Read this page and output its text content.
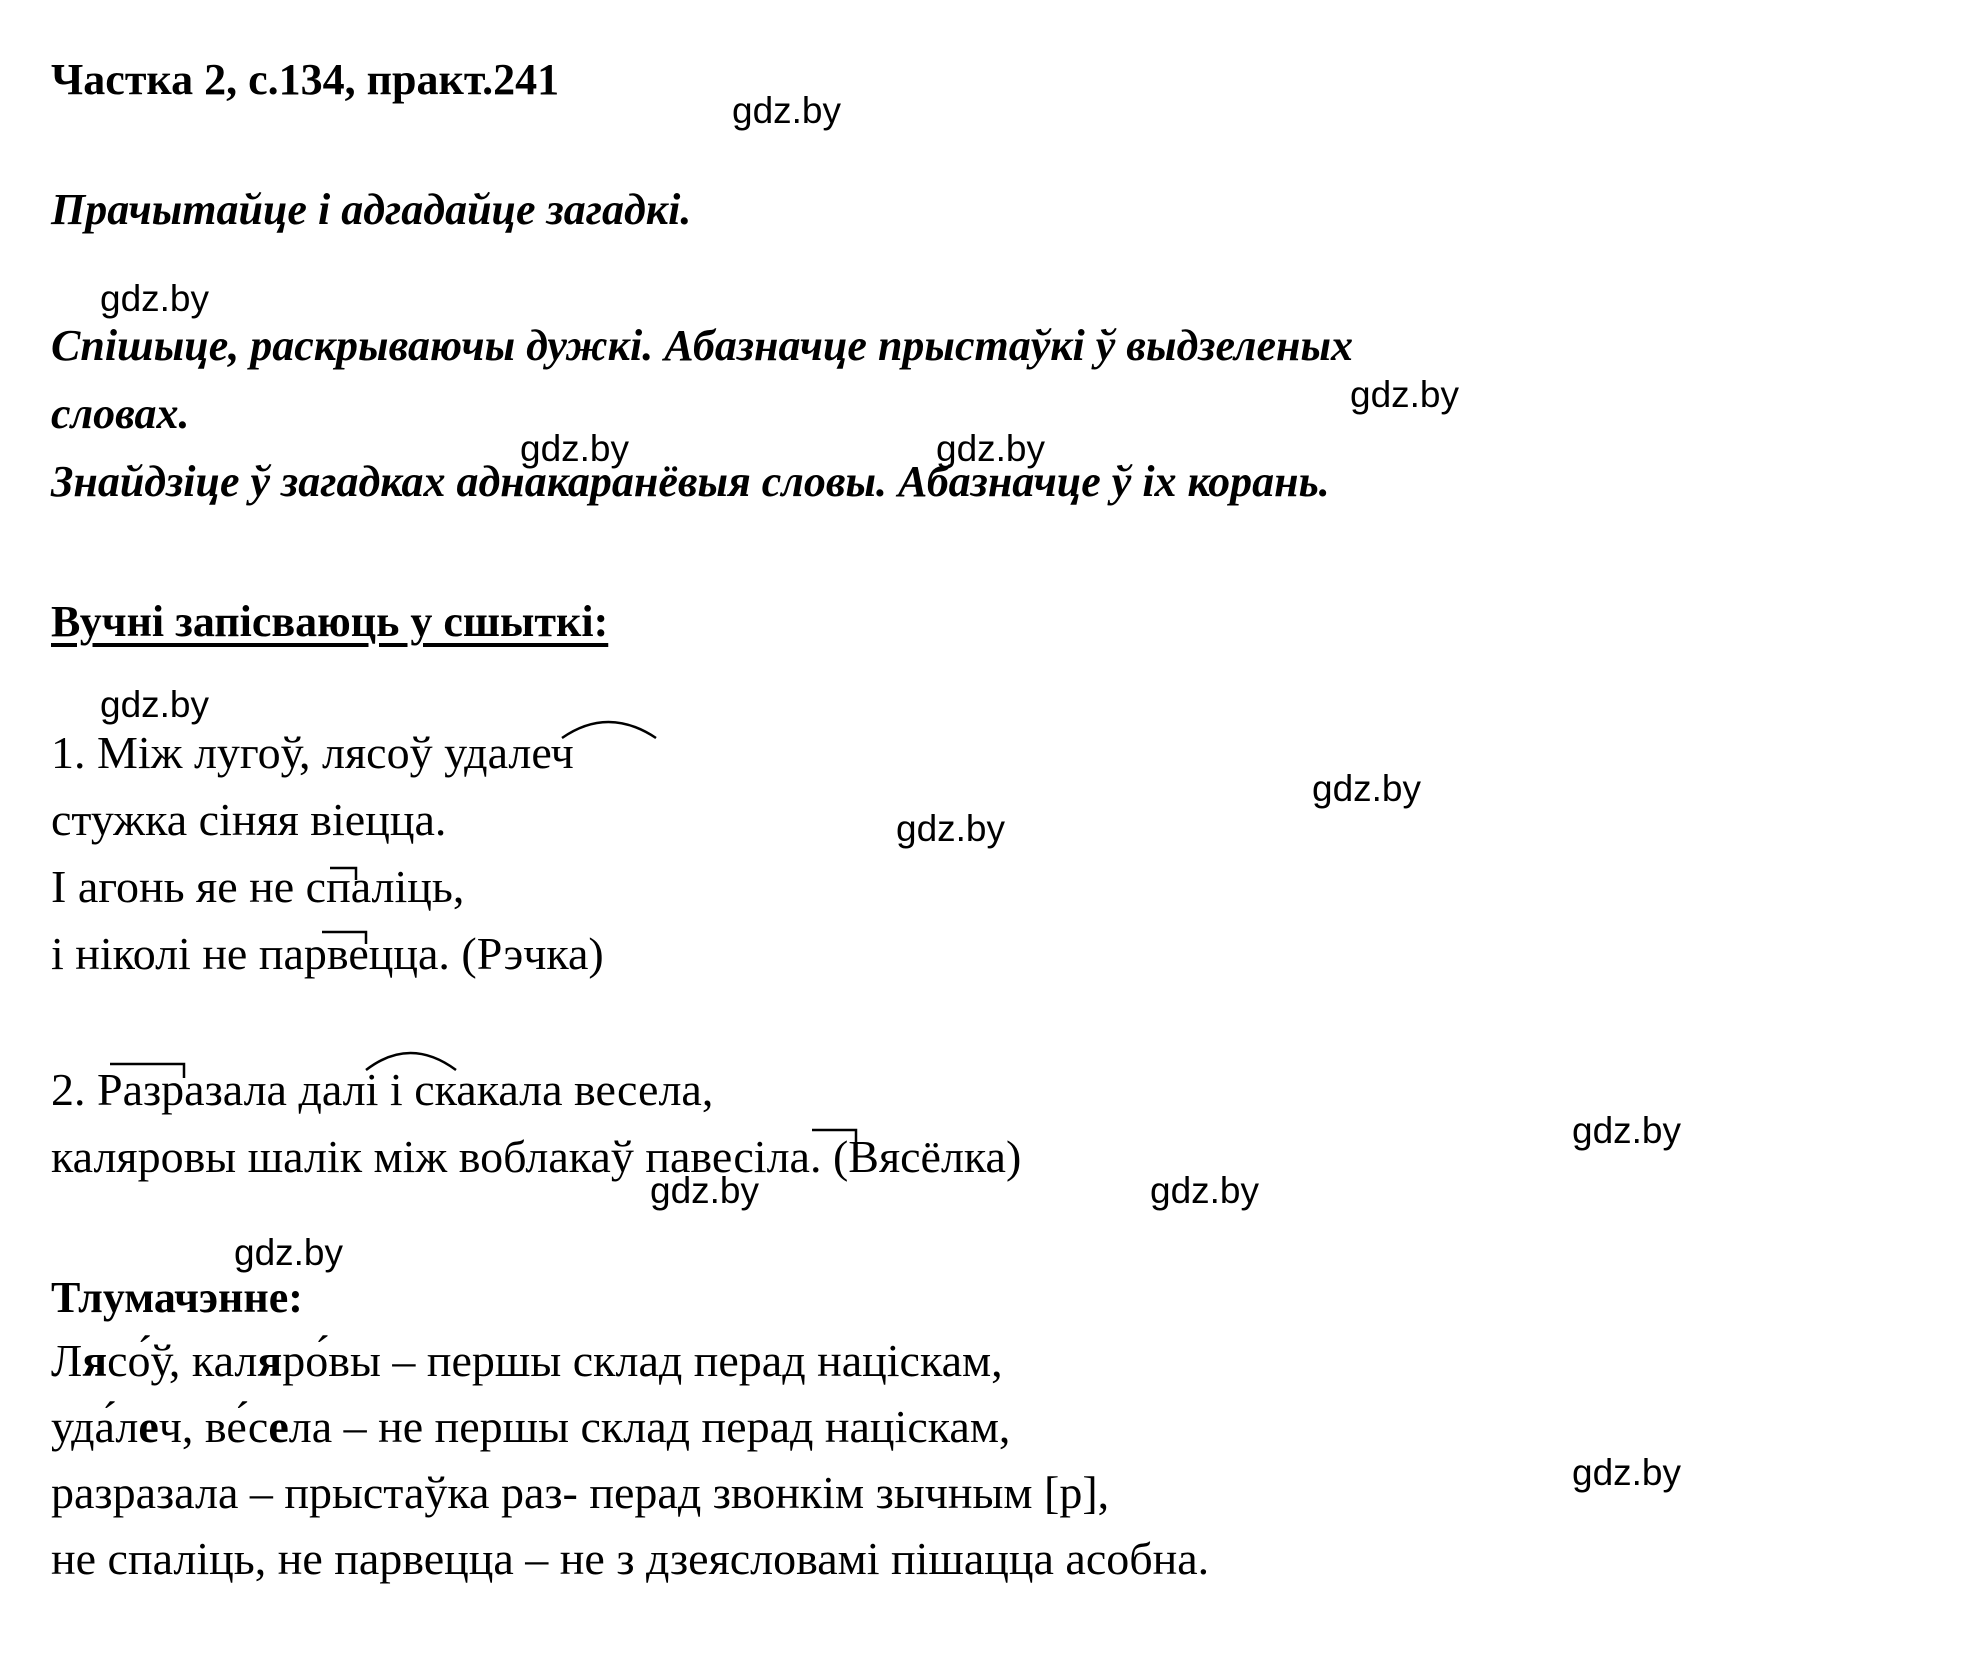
Частка 2, с.134, практ.241
Прачытайце і адгадайце загадкі.
Спішыце, раскрываючы дужкі. Абазначце прыстаўкі ў выдзеленых
словах.
Знайдзіце ў загадках аднакаранёвыя словы. Абазначце ў іх корань.
Вучні запісваюць у сшыткі:
1. Між лугоў, лясоў удалеч
стужка сіняя віецца.
І агонь яе не спаліць,
і ніколі не парвецца. (Рэчка)
2. Разразала далі і скакала весела,
каляровы шалік між воблакаў павесіла. (Вясёлка)
Тлумачэнне:
Лясо́ў, каляро́вы – першы склад перад націскам,
уда́леч, ве́села – не першы склад перад націскам,
разразала – прыстаўка раз- перад звонкім зычным [р],
не спаліць, не парвецца – не з дзеясловамі пішацца асобна.
gdz.by
gdz.by
gdz.by
gdz.by	gdz.by
gdz.by
gdz.by
gdz.by
gdz.by
gdz.by	gdz.by
gdz.by
gdz.by
